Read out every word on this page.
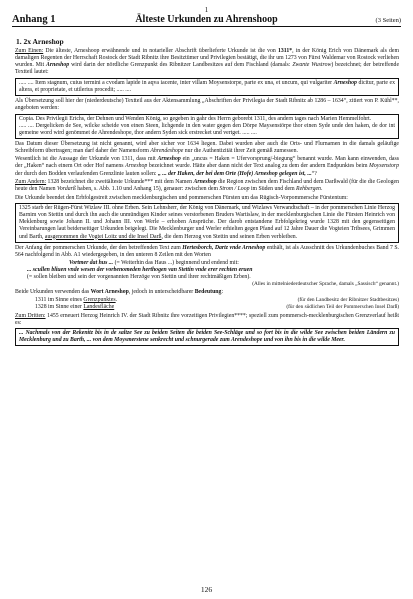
1
Anhang 1	Älteste Urkunden zu Ahrenshoop	(3 Seiten)
1. 2x Arneshop

Zum Einen: Die älteste, Arneshoop erwähnende und in notarieller Abschrift überlieferte Urkunde ist die von 1311*, in der König Erich von Dänemark als dem damaligen Regenten der Herrschaft Rostock der Stadt Ribnitz ihre Besitztümer und Privilegien bestätigt, die ihr um 1273 von Fürst Waldemar von Rostock verliehen wurden. Mit Arneshop wird darin der nördliche Grenzpunkt des Ribnitzer Landbesitzes auf dem Fischland (damals: Zwante Wustrow) bezeichnet; der betreffende Textteil lautet:

..... .... Item stagnum, cuius termini a cvodam lapide in aqva iacente, inter villam Moysenstorpe, parte ex una, et uncum, qui vulgariter Arneshop dicitur, parte ex altera, et proprietate, et utilerius procedit; ..... ....

Als Übersetzung soll hier der (niederdeutsche) Textteil aus der Aktensammlung „Abschriften der Privilegia der Stadt Ribnitz ab 1286 – 1634“, zitiert von P. Kühl**, angeboten werden:

Copia. Des Privilegii Erichs, der Dehnen und Wenden König, so gegeben in gahr des Herrn geborebt 1311, des andern tages nach Marien Hemmelfohrt.
..... .... Dergelicken de See, wilcke scheide von einen Steen, lichgende in den water gegen den Dörpe Maysenstörpe thor einen Syde unde den haken, de dor int gemeine word wird genömmet de Ahrendeshope, thor andern Syden sick erstrecket und vertget. ..... ....

Das Datum dieser Übersetzung ist nicht genannt, wird aber sicher vor 1634 liegen. Dabei wurden aber auch die Orts- und Flurnamen in die damals geläufige Schreibform übertragen; man darf daher der Namensform Ahrendeshope nur die Authentizität ihrer Zeit gemäß zumessen.

Wesentlich ist die Aussage der Urkunde von 1311, dass mit Arneshop ein „uncus = Haken = Ufervorsprung/-biegung“ benannt wurde. Man kann einwenden, dass der „Haken“ nach einem Ort oder Hof namens Arneshop bezeichnet wurde. Hätte aber dann nicht der Text analog zu dem der andern Endpunktes beim Moysenstorp der durch den Bodden verlaufenden Grenzlinie lauten sollen: „ ... der Haken, der bei dem Orte (Hofe) Arneshop gelegen ist, ...“?

Zum Andern: 1328 bezeichnet die zweitälteste Urkunde*** mit dem Namen Arneshop die Region zwischen dem Fischland und dem Darßwald (für die die Geologen heute den Namen Vordarß haben, s. Abb. 1.10 und Anhang 15), genauer: zwischen dem Strom / Loop im Süden und dem Rehbergen.

Die Urkunde beendet den Erbfolgestreit zwischen mecklenburgischen und pommerschen Fürsten um das Rügisch-Vorpommersche Fürstentum:

1325 starb der Rügen-Fürst Wizlaw III. ohne Erben. Sein Lehnsherr, der König von Dänemark, und Wizlaws Verwandtschaft – in der pommerschen Linie Herzog Barnim von Stettin und durch ihn auch die unmündigen Kinder seines verstorbenen Bruders Wartislaw, in der mecklenburgischen Linie die Fürsten Heinrich von Meklenburg sowie Johann II. und Johann III. von Werle – erhoben Ansprüche. Der darob entstandene Erbfolgekrieg wurde 1328 mit den gegenseitigen Vereinbarungen laut beiderseitiger Urkunden beigelegt. Die Mecklenburger und Werler erhielten gegen Pfand auf 12 Jahre Dauer die Vogteien Tribsees, Grimmen und Barth, ausgenommen die Vogtei Loitz und die Insel Darß, die dem Herzog von Stettin und seinen Erben verbleiben.

Der Anfang der pommerschen Urkunde, der den betreffenden Text zum Hertesborch, Dartz vnde Arneshop enthält, ist als Ausschnitt des Urkundenbuches Band 7 S. 564 nachfolgend in Abb. A1 wiedergegeben, in den unteren 8 Zeilen mit den Worten

Vortmer dat hus ... (= Weiterhin das Haus ...) beginnend und endend mit:
... scullen bliuen vnde wesen der vorbenomeden herthogen van Stettin vnde erer rechten eruen
(= sollen bleiben und sein der vorgenannten Herzöge von Stettin und ihrer rechtmäßigen Erben).
(Alles in mittelniederdeutscher Sprache, damals „Sassisch“ genannt.)

Beide Urkunden verwenden das Wort Arneshop, jedoch in unterscheidbarer Bedeutung:

1311 im Sinne eines Grenzpunktes.	(für den Landbesitz der Ribnitzer Stadtbesitzes)
1328 im Sinne einer Landesfläche	(für den südlichen Teil der Pommerschen Insel Darß)

Zum Dritten: 1455 erneuert Herzog Heinrich IV. der Stadt Ribnitz ihre vorzeitigen Privilegien****; speziell zum pommersch-mecklenburgischen Grenzverlauf heißt es:

... Nachmals von der Rekenitz bis in de saltze See zu beiden Seiten die beiden See-Schläge und so fort bis in die wilde See zwischen beiden Ländern zu Mecklenburg und zu Barth, ... von dem Moysmerstene senkrecht und schnurgerade zum Arendeshope und von ihn bis in die wilde Meer.
126
